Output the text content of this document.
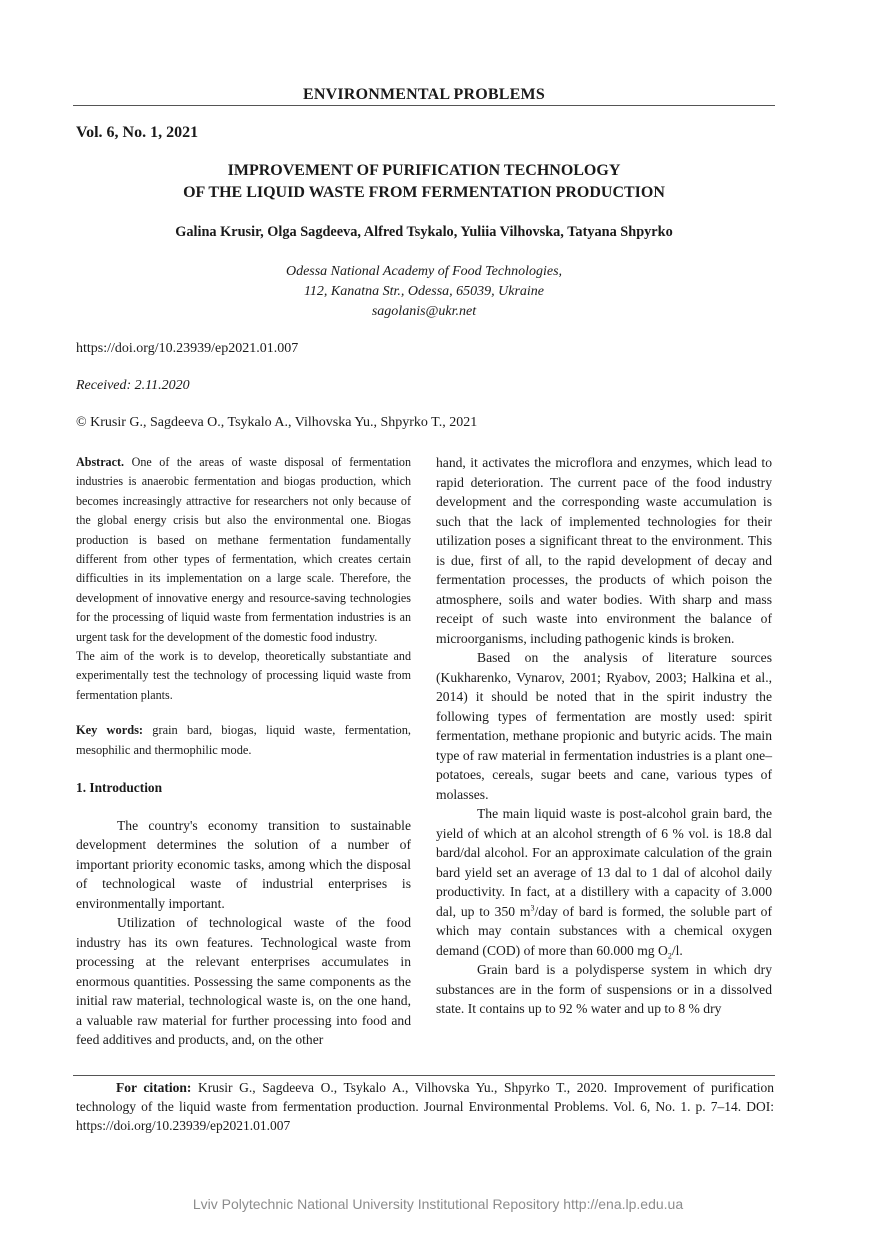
ENVIRONMENTAL PROBLEMS
Vol. 6, No. 1, 2021
IMPROVEMENT OF PURIFICATION TECHNOLOGY
OF THE LIQUID WASTE FROM FERMENTATION PRODUCTION
Galina Krusir, Olga Sagdeeva, Alfred Tsykalo, Yuliia Vilhovska, Tatyana Shpyrko
Odessa National Academy of Food Technologies,
112, Kanatna Str., Odessa, 65039, Ukraine
sagolanis@ukr.net
https://doi.org/10.23939/ep2021.01.007
Received: 2.11.2020
© Krusir G., Sagdeeva O., Tsykalo A., Vilhovska Yu., Shpyrko T., 2021

Abstract. One of the areas of waste disposal of fermentation industries is anaerobic fermentation and biogas production, which becomes increasingly attractive for researchers not only because of the global energy crisis but also the environmental one. Biogas production is based on methane fermentation fundamentally different from other types of fermentation, which creates certain difficulties in its implementation on a large scale. Therefore, the development of innovative energy and resource-saving technologies for the processing of liquid waste from fermentation industries is an urgent task for the development of the domestic food industry.

The aim of the work is to develop, theoretically substantiate and experimentally test the technology of processing liquid waste from fermentation plants.

Key words: grain bard, biogas, liquid waste, fermentation, mesophilic and thermophilic mode.

1. Introduction

The country's economy transition to sustainable development determines the solution of a number of important priority economic tasks, among which the disposal of technological waste of industrial enterprises is environmentally important.

Utilization of technological waste of the food industry has its own features. Technological waste from processing at the relevant enterprises accumulates in enormous quantities. Possessing the same components as the initial raw material, technological waste is, on the one hand, a valuable raw material for further processing into food and feed additives and products, and, on the other

hand, it activates the microflora and enzymes, which lead to rapid deterioration. The current pace of the food industry development and the corresponding waste accumulation is such that the lack of implemented technologies for their utilization poses a significant threat to the environment. This is due, first of all, to the rapid development of decay and fermentation processes, the products of which poison the atmosphere, soils and water bodies. With sharp and mass receipt of such waste into environment the balance of microorganisms, including pathogenic kinds is broken.

Based on the analysis of literature sources (Kukharenko, Vynarov, 2001; Ryabov, 2003; Halkina et al., 2014) it should be noted that in the spirit industry the following types of fermentation are mostly used: spirit fermentation, methane propionic and butyric acids. The main type of raw material in fermentation industries is a plant one–potatoes, cereals, sugar beets and cane, various types of molasses.

The main liquid waste is post-alcohol grain bard, the yield of which at an alcohol strength of 6 % vol. is 18.8 dal bard/dal alcohol. For an approximate calculation of the grain bard yield set an average of 13 dal to 1 dal of alcohol daily productivity. In fact, at a distillery with a capacity of 3.000 dal, up to 350 $m^3$/day of bard is formed, the soluble part of which may contain substances with a chemical oxygen demand (COD) of more than 60.000 mg $O_2/l$.

Grain bard is a polydisperse system in which dry substances are in the form of suspensions or in a dissolved state. It contains up to 92 % water and up to 8 % dry

For citation: Krusir G., Sagdeeva O., Tsykalo A., Vilhovska Yu., Shpyrko T., 2020. Improvement of purification technology of the liquid waste from fermentation production. Journal Environmental Problems. Vol. 6, No. 1. p. 7–14. DOI: https://doi.org/10.23939/ep2021.01.007
Lviv Polytechnic National University Institutional Repository http://ena.lp.edu.ua
